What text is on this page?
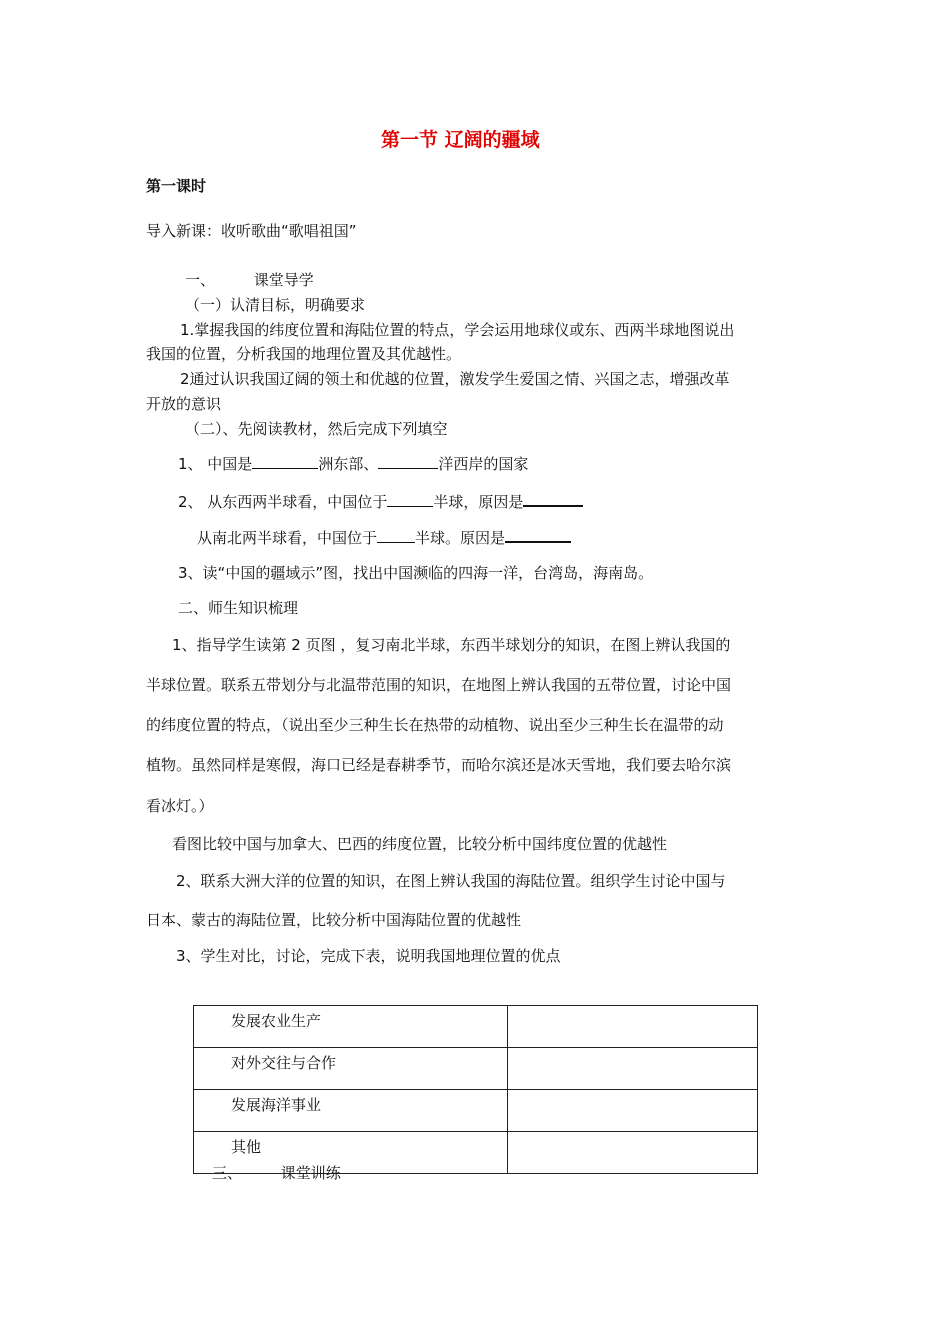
第一节 辽阔的疆域
第一课时
导入新课：收听歌曲“歌唱祖国”
一、	课堂导学
（一）认清目标，明确要求
1.掌握我国的纬度位置和海陆位置的特点，学会运用地球仪或东、西两半球地图说出
我国的位置，分析我国的地理位置及其优越性。
2通过认识我国辽阔的领土和优越的位置，激发学生爱国之情、兴国之志，增强改革
开放的意识
（二）、先阅读教材，然后完成下列填空
1、 中国是	洲东部、	洋西岸的国家
2、 从东西两半球看，中国位于	半球，原因是
从南北两半球看，中国位于	半球。原因是
3、读“中国的疆域示”图，找出中国濒临的四海一洋，台湾岛，海南岛。
二、师生知识梳理
1、指导学生读第 2 页图 ，复习南北半球，东西半球划分的知识，在图上辨认我国的
半球位置。联系五带划分与北温带范围的知识，在地图上辨认我国的五带位置，讨论中国
的纬度位置的特点，（说出至少三种生长在热带的动植物、说出至少三种生长在温带的动
植物。虽然同样是寒假，海口已经是春耕季节，而哈尔滨还是冰天雪地，我们要去哈尔滨
看冰灯。）
看图比较中国与加拿大、巴西的纬度位置，比较分析中国纬度位置的优越性
2、联系大洲大洋的位置的知识，在图上辨认我国的海陆位置。组织学生讨论中国与
日本、蒙古的海陆位置，比较分析中国海陆位置的优越性
3、学生对比，讨论，完成下表，说明我国地理位置的优点
发展农业生产	
对外交往与合作	
发展海洋事业	
其他	
三、	课堂训练
